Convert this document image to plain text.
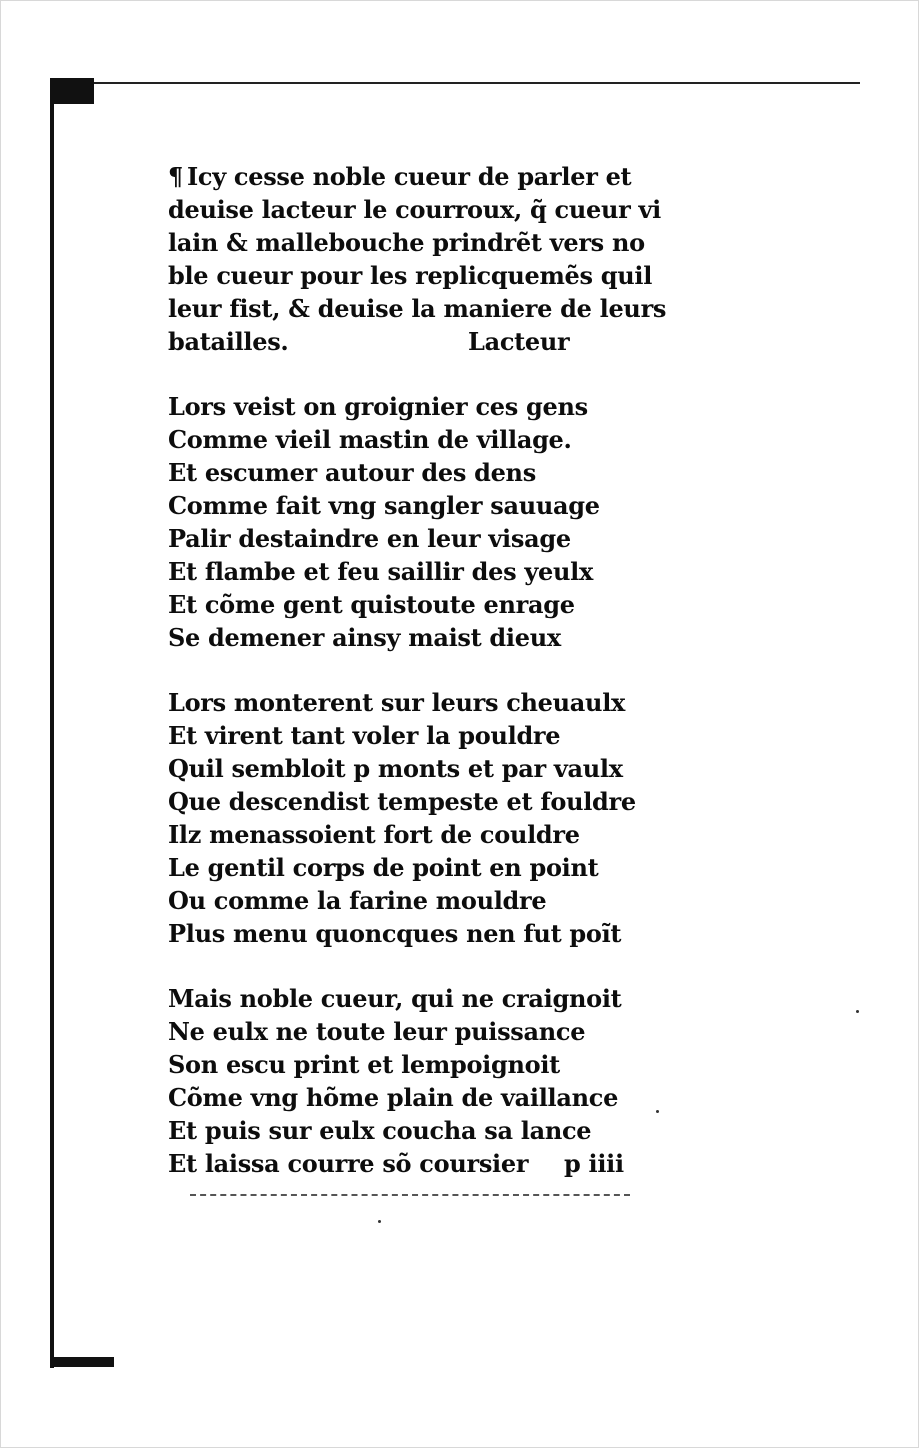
¶ Icy cesse noble cueur de parler et
deuise lacteur le courroux, q̃ cueur vi
lain & mallebouche prindrẽt vers no
ble cueur pour les replicquemẽs quil
leur fist, & deuise la maniere de leurs
batailles.	Lacteur
Lors veist on groignier ces gens
Comme vieil mastin de village.
Et escumer autour des dens
Comme fait vng sangler sauuage
Palir destaindre en leur visage
Et flambe et feu saillir des yeulx
Et cõme gent quistoute enrage
Se demener ainsy maist dieux
Lors monterent sur leurs cheuaulx
Et virent tant voler la pouldre
Quil sembloit p monts et par vaulx
Que descendist tempeste et fouldre
Ilz menassoient fort de couldre
Le gentil corps de point en point
Ou comme la farine mouldre
Plus menu quoncques nen fut poĩt
Mais noble cueur, qui ne craignoit
Ne eulx ne toute leur puissance
Son escu print et lempoignoit
Cõme vng hõme plain de vaillance
Et puis sur eulx coucha sa lance
Et laissa courre sõ coursier p iiii
